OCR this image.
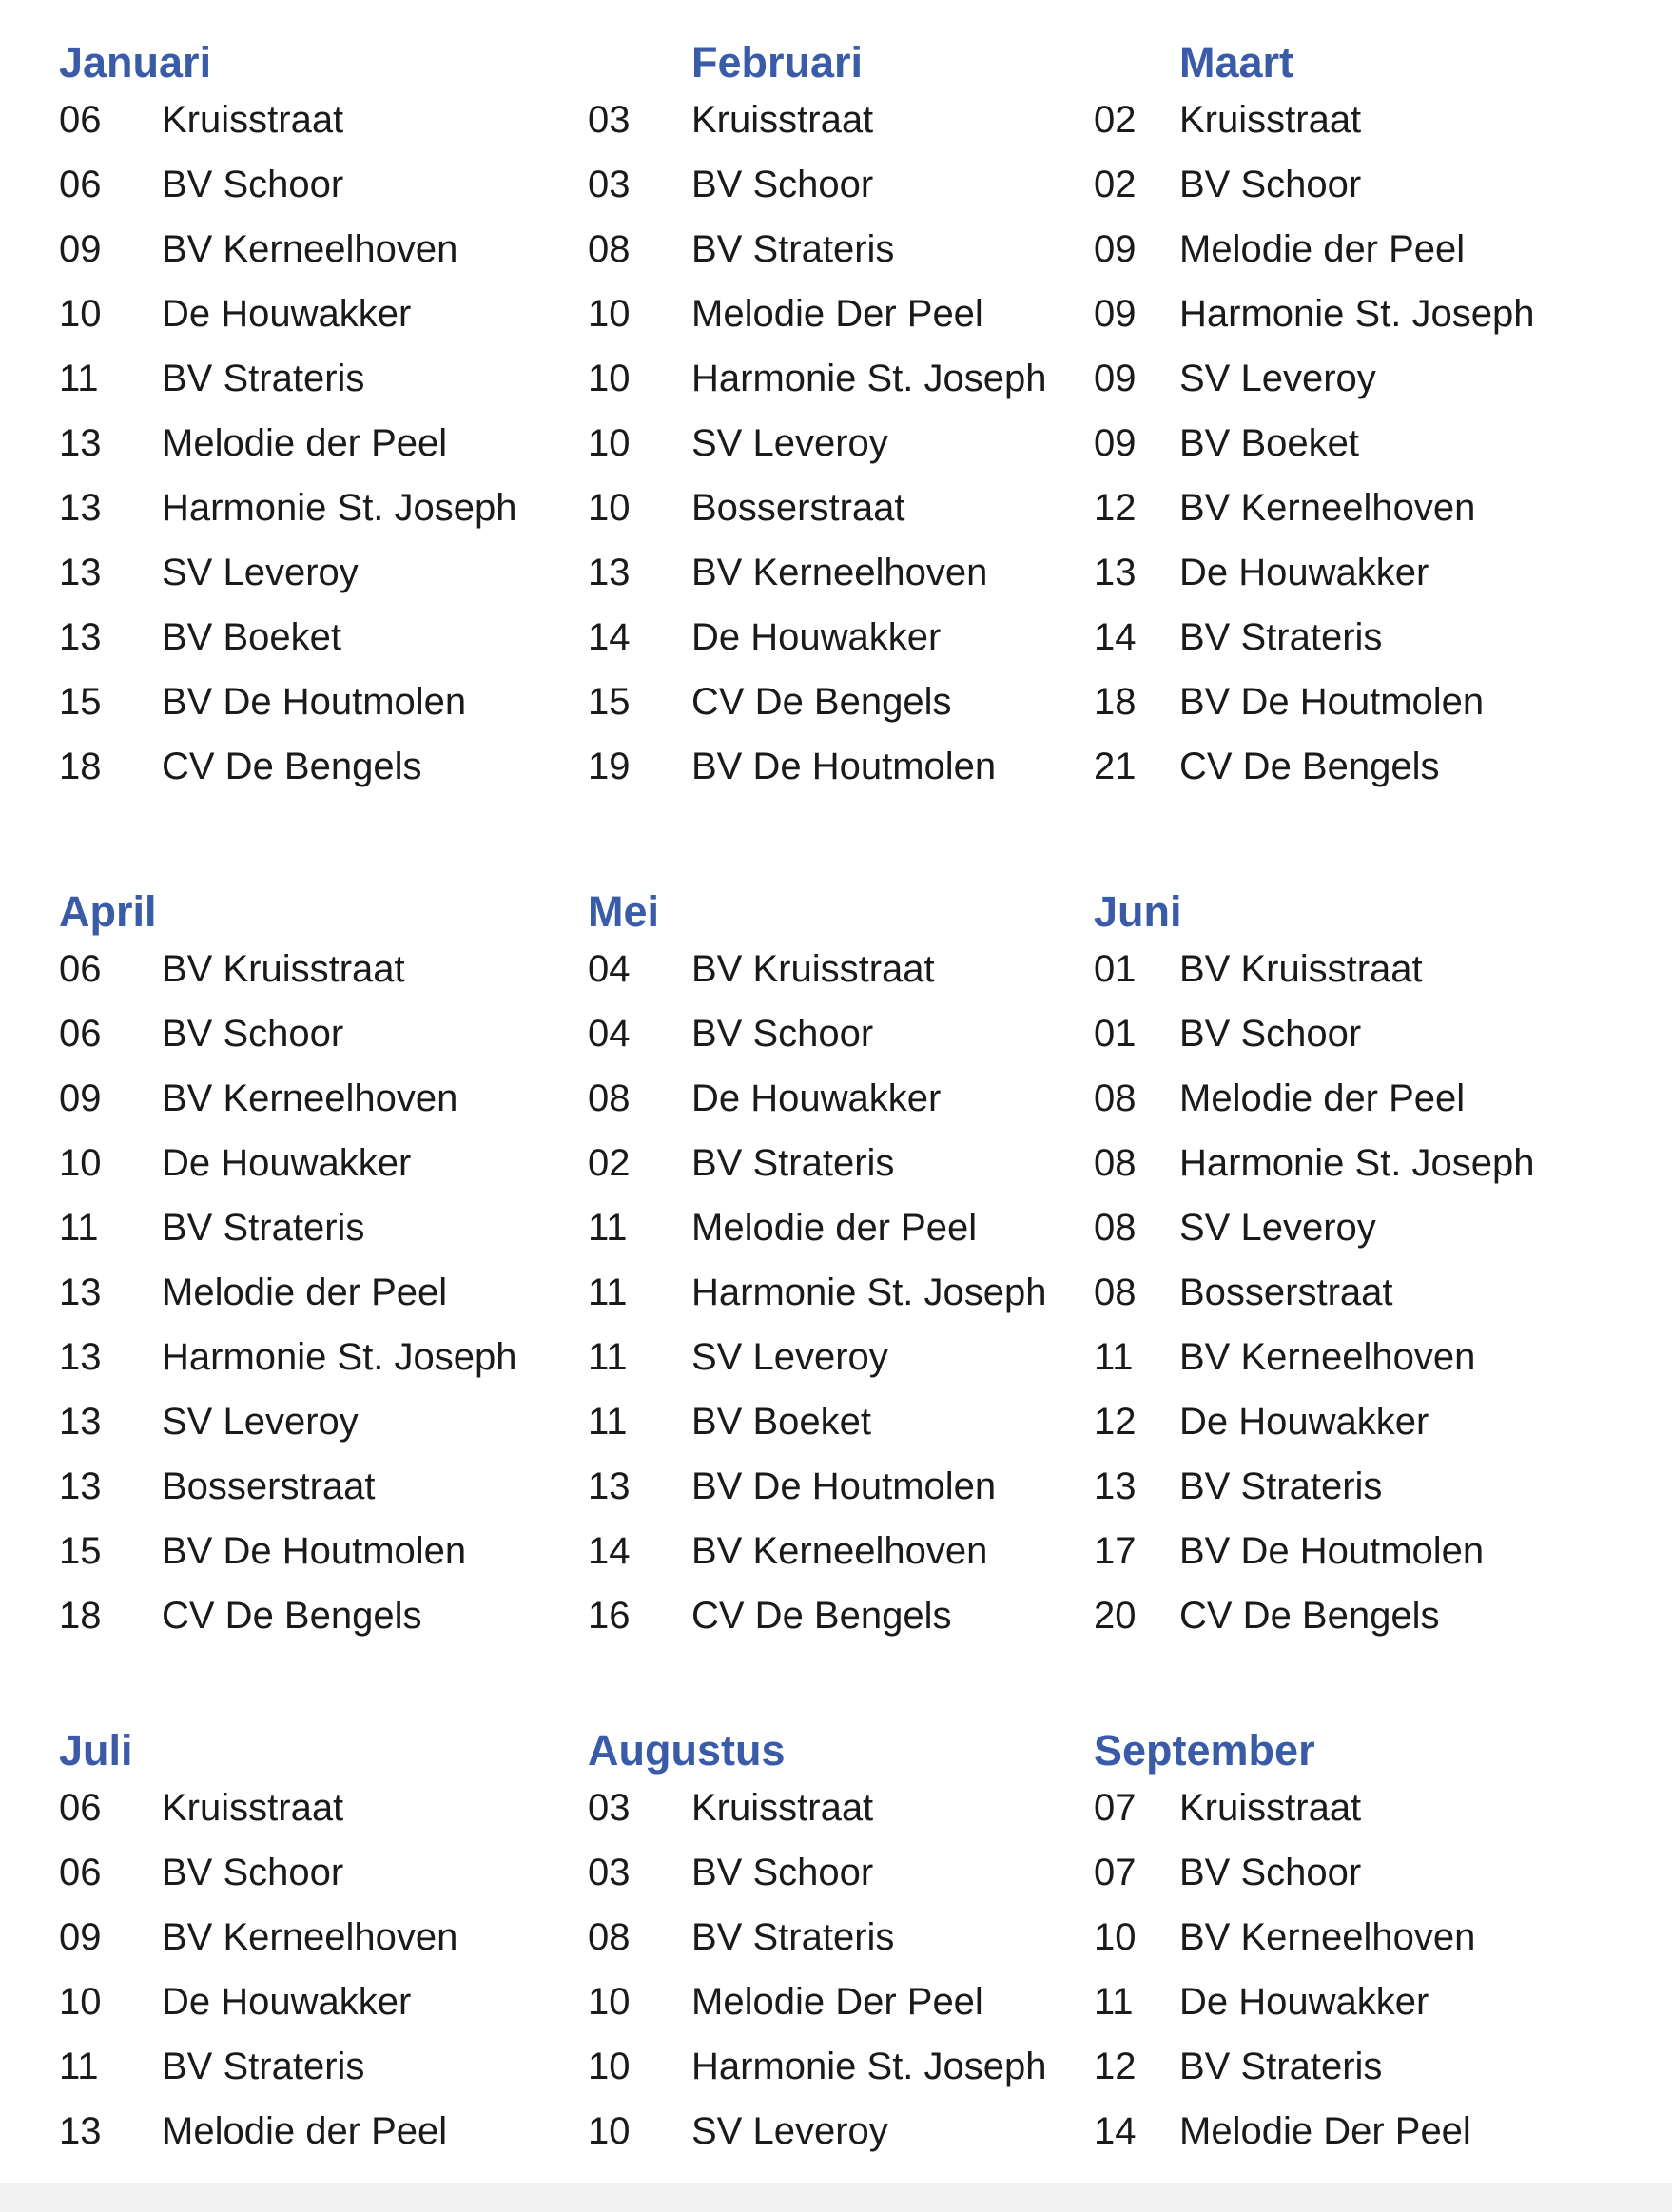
Januari
06	Kruisstraat
06	BV Schoor
09	BV Kerneelhoven
10	De Houwakker
11	BV Strateris
13	Melodie der Peel
13	Harmonie St. Joseph
13	SV Leveroy
13	BV Boeket
15	BV De Houtmolen
18	CV De Bengels
Februari
03	Kruisstraat
03	BV Schoor
08	BV Strateris
10	Melodie Der Peel
10	Harmonie St. Joseph
10	SV Leveroy
10	Bosserstraat
13	BV Kerneelhoven
14	De Houwakker
15	CV De Bengels
19	BV De Houtmolen
Maart
02	Kruisstraat
02	BV Schoor
09	Melodie der Peel
09	Harmonie St. Joseph
09	SV Leveroy
09	BV Boeket
12	BV Kerneelhoven
13	De Houwakker
14	BV Strateris
18	BV De Houtmolen
21	CV De Bengels
April
06	BV Kruisstraat
06	BV Schoor
09	BV Kerneelhoven
10	De Houwakker
11	BV Strateris
13	Melodie der Peel
13	Harmonie St. Joseph
13	SV Leveroy
13	Bosserstraat
15	BV De Houtmolen
18	CV De Bengels
Mei
04	BV Kruisstraat
04	BV Schoor
08	De Houwakker
02	BV Strateris
11	Melodie der Peel
11	Harmonie St. Joseph
11	SV Leveroy
11	BV Boeket
13	BV De Houtmolen
14	BV Kerneelhoven
16	CV De Bengels
Juni
01	BV Kruisstraat
01	BV Schoor
08	Melodie der Peel
08	Harmonie St. Joseph
08	SV Leveroy
08	Bosserstraat
11	BV Kerneelhoven
12	De Houwakker
13	BV Strateris
17	BV De Houtmolen
20	CV De Bengels
Juli
06	Kruisstraat
06	BV Schoor
09	BV Kerneelhoven
10	De Houwakker
11	BV Strateris
13	Melodie der Peel
Augustus
03	Kruisstraat
03	BV Schoor
08	BV Strateris
10	Melodie Der Peel
10	Harmonie St. Joseph
10	SV Leveroy
September
07	Kruisstraat
07	BV Schoor
10	BV Kerneelhoven
11	De Houwakker
12	BV Strateris
14	Melodie Der Peel
